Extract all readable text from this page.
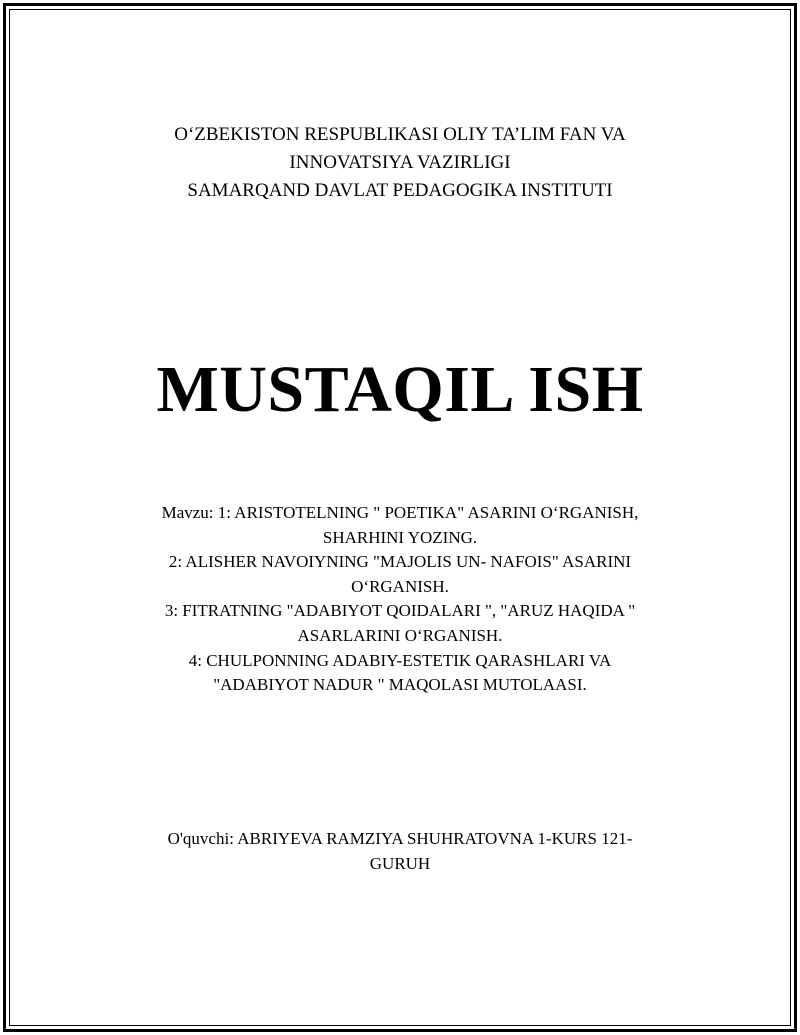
O‘ZBEKISTON RESPUBLIKASI OLIY TA’LIM FAN VA
INNOVATSIYA VAZIRLIGI
SAMARQAND DAVLAT PEDAGOGIKA INSTITUTI
MUSTAQIL ISH
Mavzu: 1: ARISTOTELNING " POETIKA" ASARINI O‘RGANISH,
SHARHINI YOZING.
2: ALISHER NAVOIYNING "MAJOLIS UN- NAFOIS" ASARINI
O‘RGANISH.
3: FITRATNING "ADABIYOT QOIDALARI ", "ARUZ HAQIDA "
ASARLARINI O‘RGANISH.
4: CHULPONNING ADABIY-ESTETIK QARASHLARI VA
"ADABIYOT NADUR " MAQOLASI MUTOLAASI.
O'quvchi: ABRIYEVA RAMZIYA SHUHRATOVNA 1-KURS 121-
GURUH
